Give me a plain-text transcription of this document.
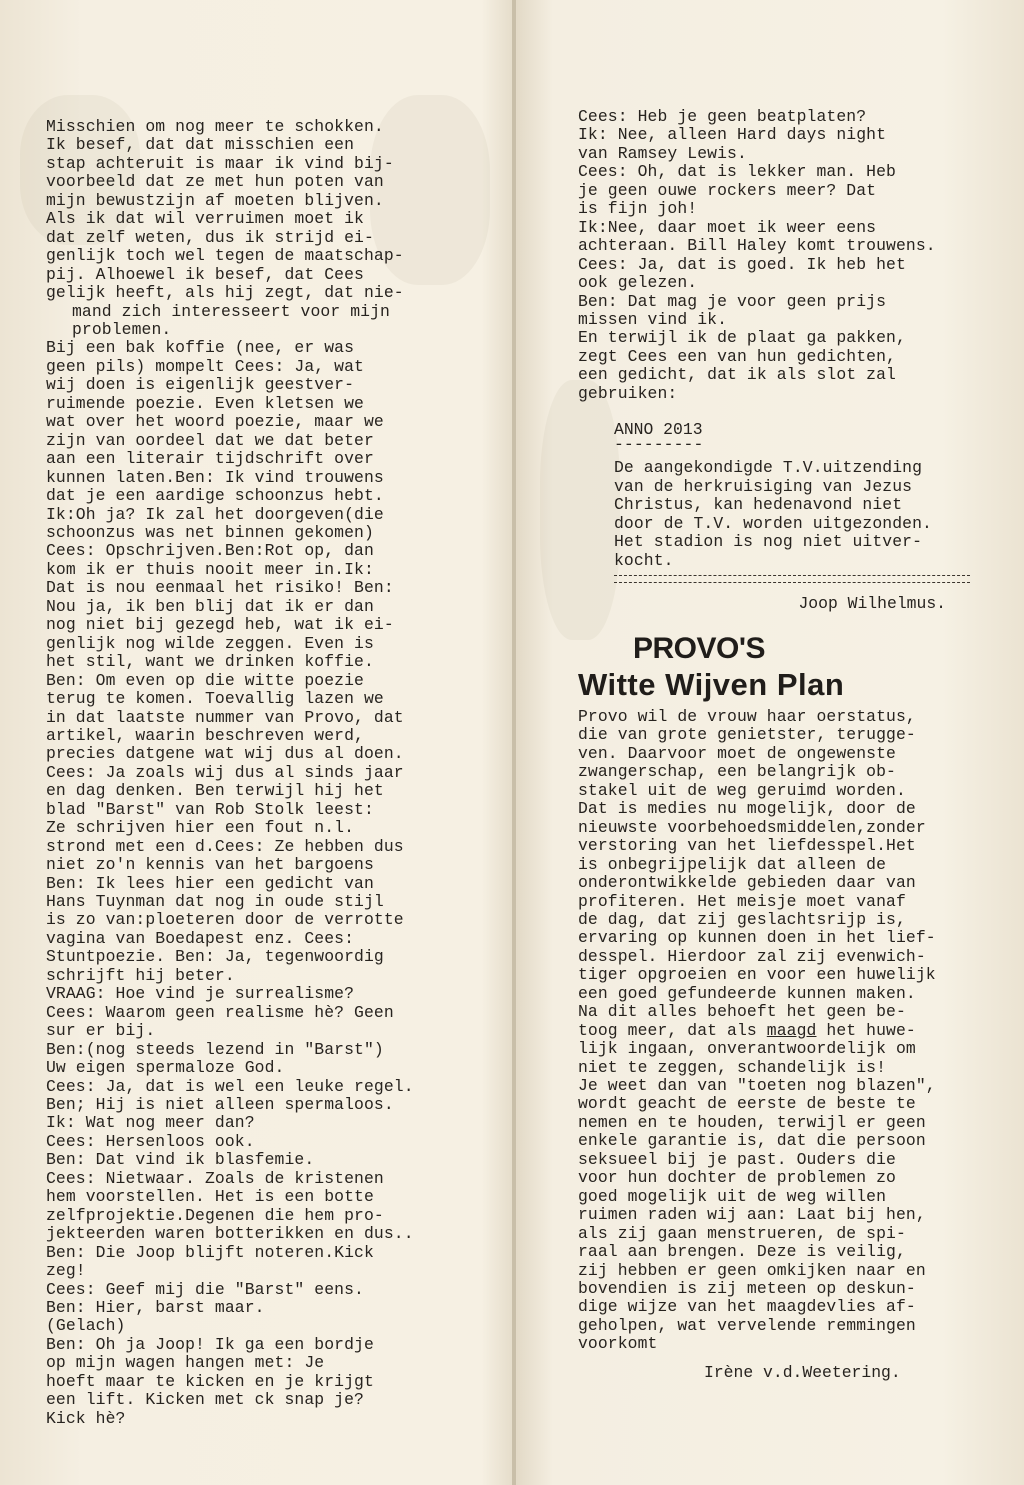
Misschien om nog meer te schokken.

Ik besef, dat dat misschien een

stap achteruit is maar ik vind bij-

voorbeeld dat ze met hun poten van

mijn bewustzijn af moeten blijven.

Als ik dat wil verruimen moet ik

dat zelf weten, dus ik strijd ei-

genlijk toch wel tegen de maatschap-

pij. Alhoewel ik besef, dat Cees

gelijk heeft, als hij zegt, dat nie-

mand zich interesseert voor mijn

problemen.

Bij een bak koffie (nee, er was

geen pils) mompelt Cees: Ja, wat

wij doen is eigenlijk geestver-

ruimende poezie. Even kletsen we

wat over het woord poezie, maar we

zijn van oordeel dat we dat beter

aan een literair tijdschrift over

kunnen laten.Ben: Ik vind trouwens

dat je een aardige schoonzus hebt.

Ik:Oh ja? Ik zal het doorgeven(die

schoonzus was net binnen gekomen)

Cees: Opschrijven.Ben:Rot op, dan

kom ik er thuis nooit meer in.Ik:

Dat is nou eenmaal het risiko! Ben:

Nou ja, ik ben blij dat ik er dan

nog niet bij gezegd heb, wat ik ei-

genlijk nog wilde zeggen. Even is

het stil, want we drinken koffie.

Ben: Om even op die witte poezie

terug te komen. Toevallig lazen we

in dat laatste nummer van Provo, dat

artikel, waarin beschreven werd,

precies datgene wat wij dus al doen.

Cees: Ja zoals wij dus al sinds jaar

en dag denken. Ben terwijl hij het

blad "Barst" van Rob Stolk leest:

Ze schrijven hier een fout n.l.

strond met een d.Cees: Ze hebben dus

niet zo'n kennis van het bargoens

Ben: Ik lees hier een gedicht van

Hans Tuynman dat nog in oude stijl

is zo van:ploeteren door de verrotte

vagina van Boedapest enz. Cees:

Stuntpoezie. Ben: Ja, tegenwoordig

schrijft hij beter.

VRAAG: Hoe vind je surrealisme?

Cees: Waarom geen realisme hè? Geen

sur er bij.

Ben:(nog steeds lezend in "Barst")

Uw eigen spermaloze God.

Cees: Ja, dat is wel een leuke regel.

Ben; Hij is niet alleen spermaloos.

Ik: Wat nog meer dan?

Cees: Hersenloos ook.

Ben: Dat vind ik blasfemie.

Cees: Nietwaar. Zoals de kristenen

hem voorstellen. Het is een botte

zelfprojektie.Degenen die hem pro-

jekteerden waren botterikken en dus..

Ben: Die Joop blijft noteren.Kick

zeg!

Cees: Geef mij die "Barst" eens.

Ben: Hier, barst maar.

(Gelach)

Ben: Oh ja Joop! Ik ga een bordje

op mijn wagen hangen met: Je

hoeft maar te kicken en je krijgt

een lift. Kicken met ck snap je?

Kick hè?

Cees: Heb je geen beatplaten?

Ik: Nee, alleen Hard days night

van Ramsey Lewis.

Cees: Oh, dat is lekker man. Heb

je geen ouwe rockers meer? Dat

is fijn joh!

Ik:Nee, daar moet ik weer eens

achteraan. Bill Haley komt trouwens.

Cees: Ja, dat is goed. Ik heb het

ook gelezen.

Ben: Dat mag je voor geen prijs

missen vind ik.

En terwijl ik de plaat ga pakken,

zegt Cees een van hun gedichten,

een gedicht, dat ik als slot zal

gebruiken:

ANNO 2013
---------

De aangekondigde T.V.uitzending

van de herkruisiging van Jezus

Christus, kan hedenavond niet

door de T.V. worden uitgezonden.

Het stadion is nog niet uitver-

kocht.

Joop Wilhelmus.
PROVO'S
Witte Wijven Plan

Provo wil de vrouw haar oerstatus,

die van grote genietster, terugge-

ven. Daarvoor moet de ongewenste

zwangerschap, een belangrijk ob-

stakel uit de weg geruimd worden.

Dat is medies nu mogelijk, door de

nieuwste voorbehoedsmiddelen,zonder

verstoring van het liefdesspel.Het

is onbegrijpelijk dat alleen de

onderontwikkelde gebieden daar van

profiteren. Het meisje moet vanaf

de dag, dat zij geslachtsrijp is,

ervaring op kunnen doen in het lief-

desspel. Hierdoor zal zij evenwich-

tiger opgroeien en voor een huwelijk

een goed gefundeerde kunnen maken.

Na dit alles behoeft het geen be-

toog meer, dat als maagd het huwe-

lijk ingaan, onverantwoordelijk om

niet te zeggen, schandelijk is!

Je weet dan van "toeten nog blazen",

wordt geacht de eerste de beste te

nemen en te houden, terwijl er geen

enkele garantie is, dat die persoon

seksueel bij je past. Ouders die

voor hun dochter de problemen zo

goed mogelijk uit de weg willen

ruimen raden wij aan: Laat bij hen,

als zij gaan menstrueren, de spi-

raal aan brengen. Deze is veilig,

zij hebben er geen omkijken naar en

bovendien is zij meteen op deskun-

dige wijze van het maagdevlies af-

geholpen, wat vervelende remmingen

voorkomt

Irène v.d.Weetering.
